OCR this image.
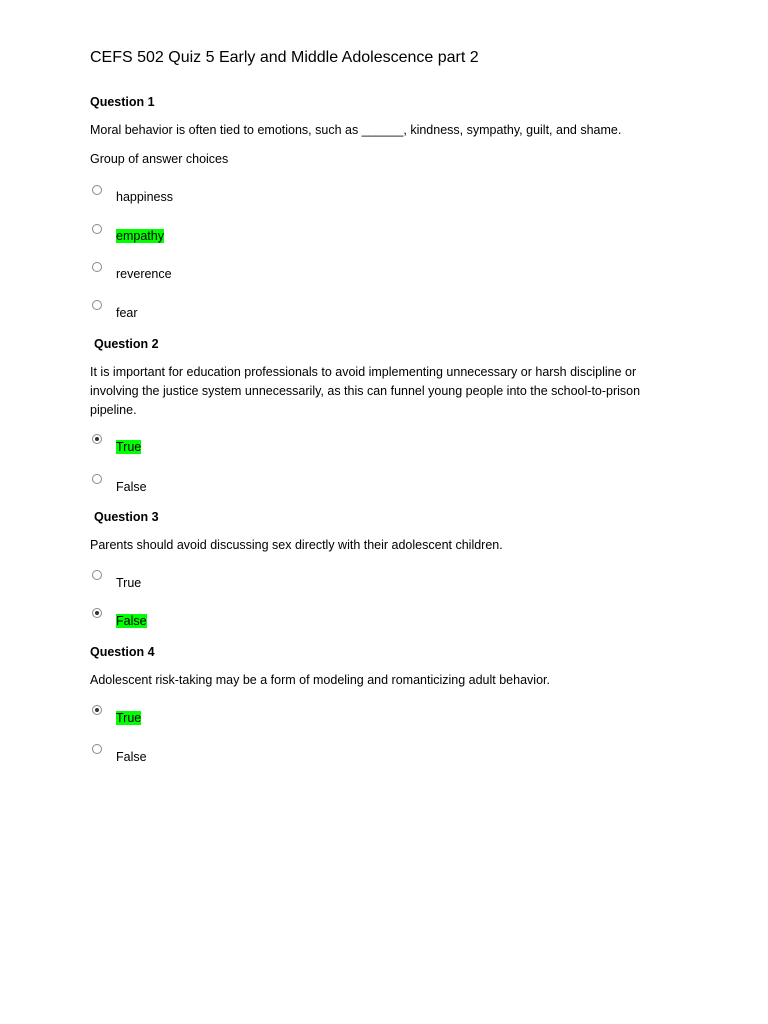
CEFS 502 Quiz 5 Early and Middle Adolescence part 2
Question 1
Moral behavior is often tied to emotions, such as ______, kindness, sympathy, guilt, and shame.
Group of answer choices
happiness
empathy
reverence
fear
Question 2
It is important for education professionals to avoid implementing unnecessary or harsh discipline or involving the justice system unnecessarily, as this can funnel young people into the school-to-prison pipeline.
True
False
Question 3
Parents should avoid discussing sex directly with their adolescent children.
True
False
Question 4
Adolescent risk-taking may be a form of modeling and romanticizing adult behavior.
True
False
